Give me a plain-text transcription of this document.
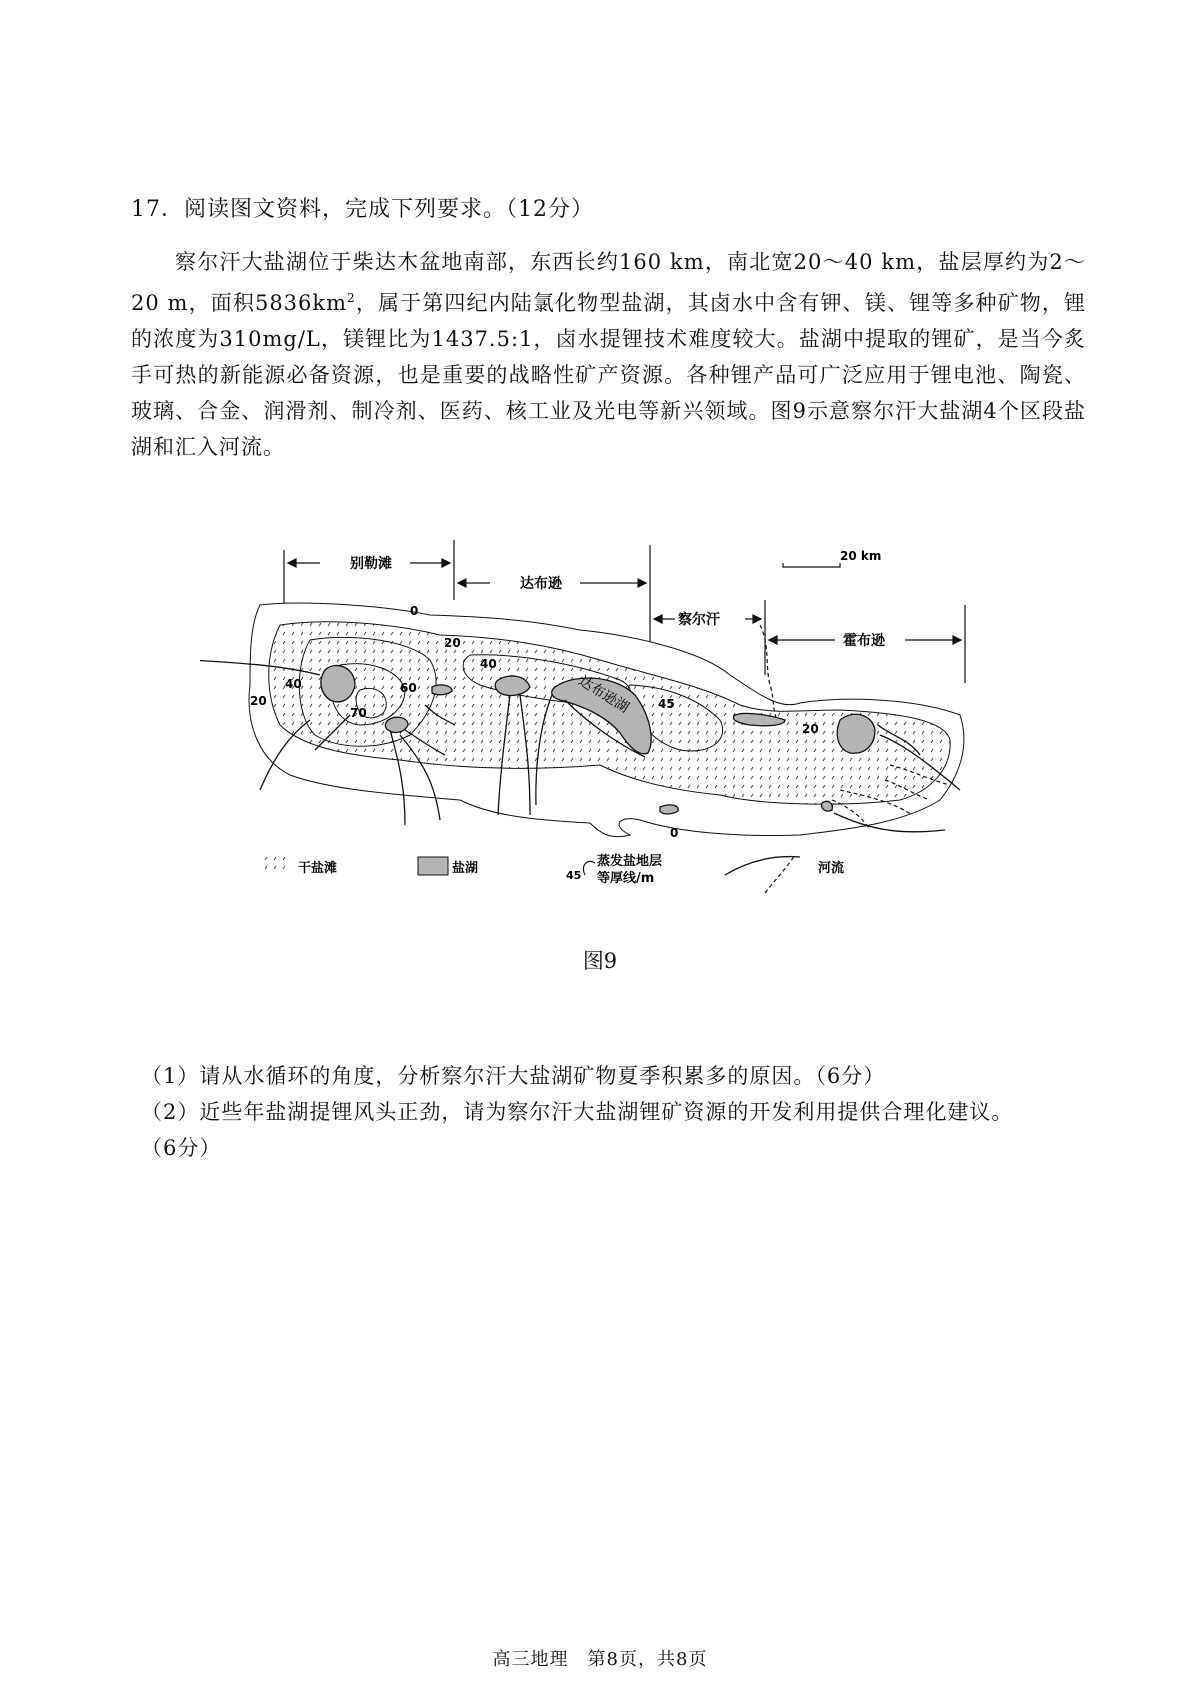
17．阅读图文资料，完成下列要求。（12分）
察尔汗大盐湖位于柴达木盆地南部，东西长约160 km，南北宽20～40 km，盐层厚约为2～20 m，面积$5836km^2$，属于第四纪内陆氯化物型盐湖，其卤水中含有钾、镁、锂等多种矿物，锂的浓度为310mg/L，镁锂比为1437.5:1，卤水提锂技术难度较大。盐湖中提取的锂矿，是当今炙手可热的新能源必备资源，也是重要的战略性矿产资源。各种锂产品可广泛应用于锂电池、陶瓷、玻璃、合金、润滑剂、制冷剂、医药、核工业及光电等新兴领域。图9示意察尔汗大盐湖4个区段盐湖和汇入河流。
别勒滩
达布逊
察尔汗
霍布逊
20 km
达布逊湖
0
20
40	60
70
20
40
45
20
0
干盐滩	盐湖	45
蒸发盐地层
等厚线/m
河流
图9
（1）请从水循环的角度，分析察尔汗大盐湖矿物夏季积累多的原因。（6分）
（2）近些年盐湖提锂风头正劲，请为察尔汗大盐湖锂矿资源的开发利用提供合理化建议。
（6分）
高三地理　第8页，共8页
